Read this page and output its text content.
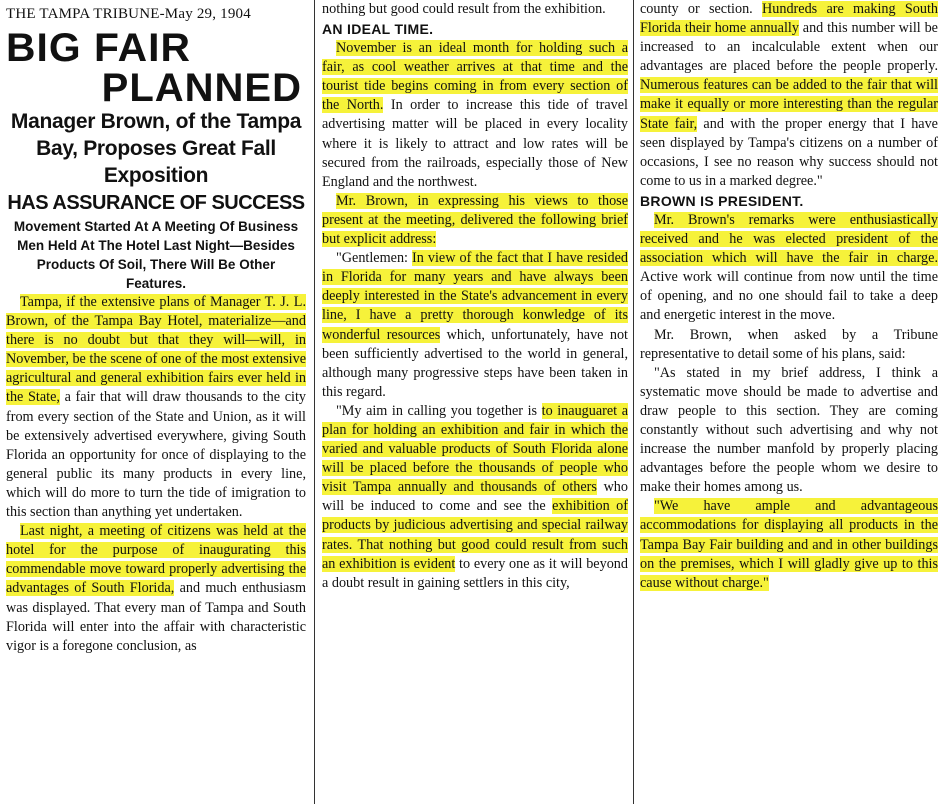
THE TAMPA TRIBUNE-May 29, 1904

BIG FAIR
PLANNED
Manager Brown, of the Tampa Bay, Proposes Great Fall Exposition
HAS ASSURANCE OF SUCCESS
Movement Started At A Meeting Of Business Men Held At The Hotel Last Night—Besides Products Of Soil, There Will Be Other Features.

Tampa, if the extensive plans of Manager T. J. L. Brown, of the Tampa Bay Hotel, materialize—and there is no doubt but that they will—will, in November, be the scene of one of the most extensive agricultural and general exhibition fairs ever held in the State, a fair that will draw thousands to the city from every section of the State and Union, as it will be extensively advertised everywhere, giving South Florida an opportunity for once of displaying to the general public its many products in every line, which will do more to turn the tide of imigration to this section than anything yet undertaken.

Last night, a meeting of citizens was held at the hotel for the purpose of inaugurating this commendable move toward properly advertising the advantages of South Florida, and much enthusiasm was displayed. That every man of Tampa and South Florida will enter into the affair with characteristic vigor is a foregone conclusion, as

nothing but good could result from the exhibition.

AN IDEAL TIME.

November is an ideal month for holding such a fair, as cool weather arrives at that time and the tourist tide begins coming in from every section of the North. In order to increase this tide of travel advertising matter will be placed in every locality where it is likely to attract and low rates will be secured from the railroads, especially those of New England and the northwest.

Mr. Brown, in expressing his views to those present at the meeting, delivered the following brief but explicit address:

"Gentlemen: In view of the fact that I have resided in Florida for many years and have always been deeply interested in the State's advancement in every line, I have a pretty thorough konwledge of its wonderful resources which, unfortunately, have not been sufficiently advertised to the world in general, although many progressive steps have been taken in this regard.

"My aim in calling you together is to inauguaret a plan for holding an exhibition and fair in which the varied and valuable products of South Florida alone will be placed before the thousands of people who visit Tampa annually and thousands of others who will be induced to come and see the exhibition of products by judicious advertising and special railway rates. That nothing but good could result from such an exhibition is evident to every one as it will beyond a doubt result in gaining settlers in this city,

county or section. Hundreds are making South Florida their home annually and this number will be increased to an incalculable extent when our advantages are placed before the people properly. Numerous features can be added to the fair that will make it equally or more interesting than the regular State fair, and with the proper energy that I have seen displayed by Tampa's citizens on a number of occasions, I see no reason why success should not come to us in a marked degree."

BROWN IS PRESIDENT.

Mr. Brown's remarks were enthusiastically received and he was elected president of the association which will have the fair in charge. Active work will continue from now until the time of opening, and no one should fail to take a deep and energetic interest in the move.

Mr. Brown, when asked by a Tribune representative to detail some of his plans, said:

"As stated in my brief address, I think a systematic move should be made to advertise and draw people to this section. They are coming constantly without such advertising and why not increase the number manfold by properly placing advantages before the people whom we desire to make their homes among us.

"We have ample and advantageous accommodations for displaying all products in the Tampa Bay Fair building and and in other buildings on the premises, which I will gladly give up to this cause without charge."
